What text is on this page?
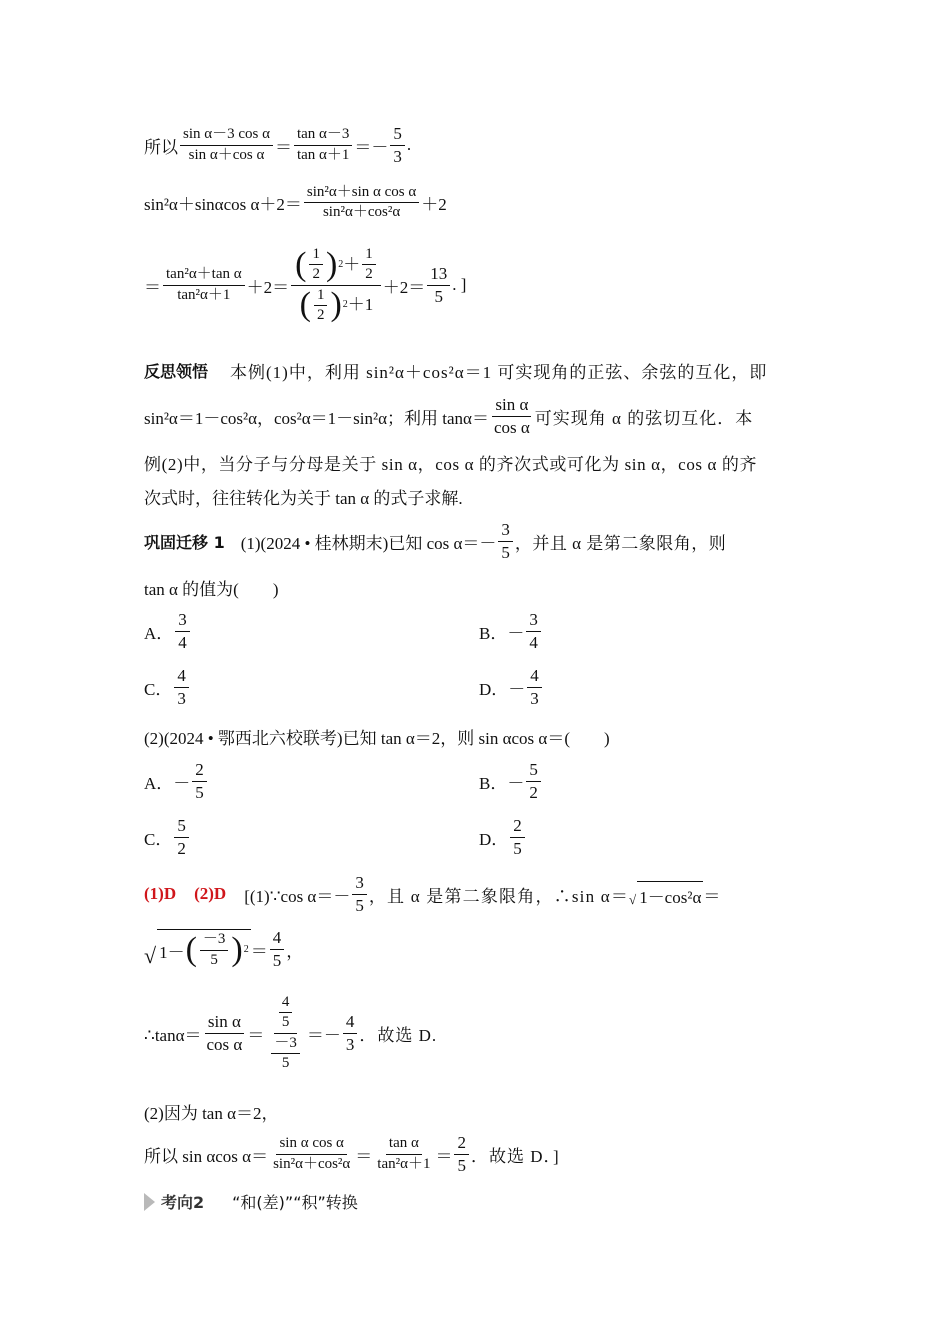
所以 $\frac{\text{sin α－3 cos α}}{\text{sin α＋cos α}} = \frac{\text{tan α－3}}{\text{tan α＋1}} =- \frac{5}{3}$ .
sin²α＋sinαcos $\alpha+2= \frac{\text{sin²α＋sin α cos α}}{\text{sin²α＋cos²α}} +2$
＝ $\frac{\text{tan²α＋tan α}}{\text{tan²α＋1}} +2= \frac{( \frac{1}{2} ) 2 + \frac{1}{2}}{( \frac{1}{2} ) 2 +1} +2= \frac{13}{5}$ . ]
反思领悟 本例(1)中，利用 sin²α＋cos²α＝1 可实现角的正弦、余弦的互化，即
sin²α＝1－cos²α，cos²α＝1－sin²α；利用 $\tan\alpha= \frac{\text{sin α}}{\text{cos α}}$ 可实现角 α 的弦切互化．本
例(2)中，当分子与分母是关于 sin α，cos α 的齐次式或可化为 sin α，cos α 的齐
次式时，往往转化为关于 tan α 的式子求解.
巩固迁移 1 (1)(2024 • 桂林期末)已知 $\cos \alpha=- \frac{3}{5}$ ，并且 α 是第二象限角，则
tan α 的值为(　　)
A． $\frac{3}{4}$	B． － $\frac{3}{4}$
C． $\frac{4}{3}$	D． － $\frac{4}{3}$
(2)(2024 • 鄂西北六校联考)已知 tan α＝2，则 sin αcos α＝(　　)
A． － $\frac{2}{5}$	B． － $\frac{5}{2}$
C． $\frac{5}{2}$	D． $\frac{2}{5}$
(1)D (2)D [(1)∵cos $\alpha=- \frac{3}{5}$ ，且 α 是第二象限角，∴sin α＝ √ 1－cos²α ＝
√ 1－ ( $\frac{-3}{5}$ ) $2 = \frac{4}{5}$ ，
∴tanα＝ $\frac{\text{sin α}}{\text{cos α}} = \frac{\frac{4}{5}}{\frac{-3}{5}} =- \frac{4}{3}$ ．故选 D.
(2)因为 tan α＝2，
所以 sin αcos $\alpha= \frac{\text{sin α cos α}}{\text{sin²α＋cos²α}} = \frac{\text{tan α}}{\text{tan²α＋1}} = \frac{2}{5}$ ．故选 D．]
考向2 “和(差)”“积”转换
